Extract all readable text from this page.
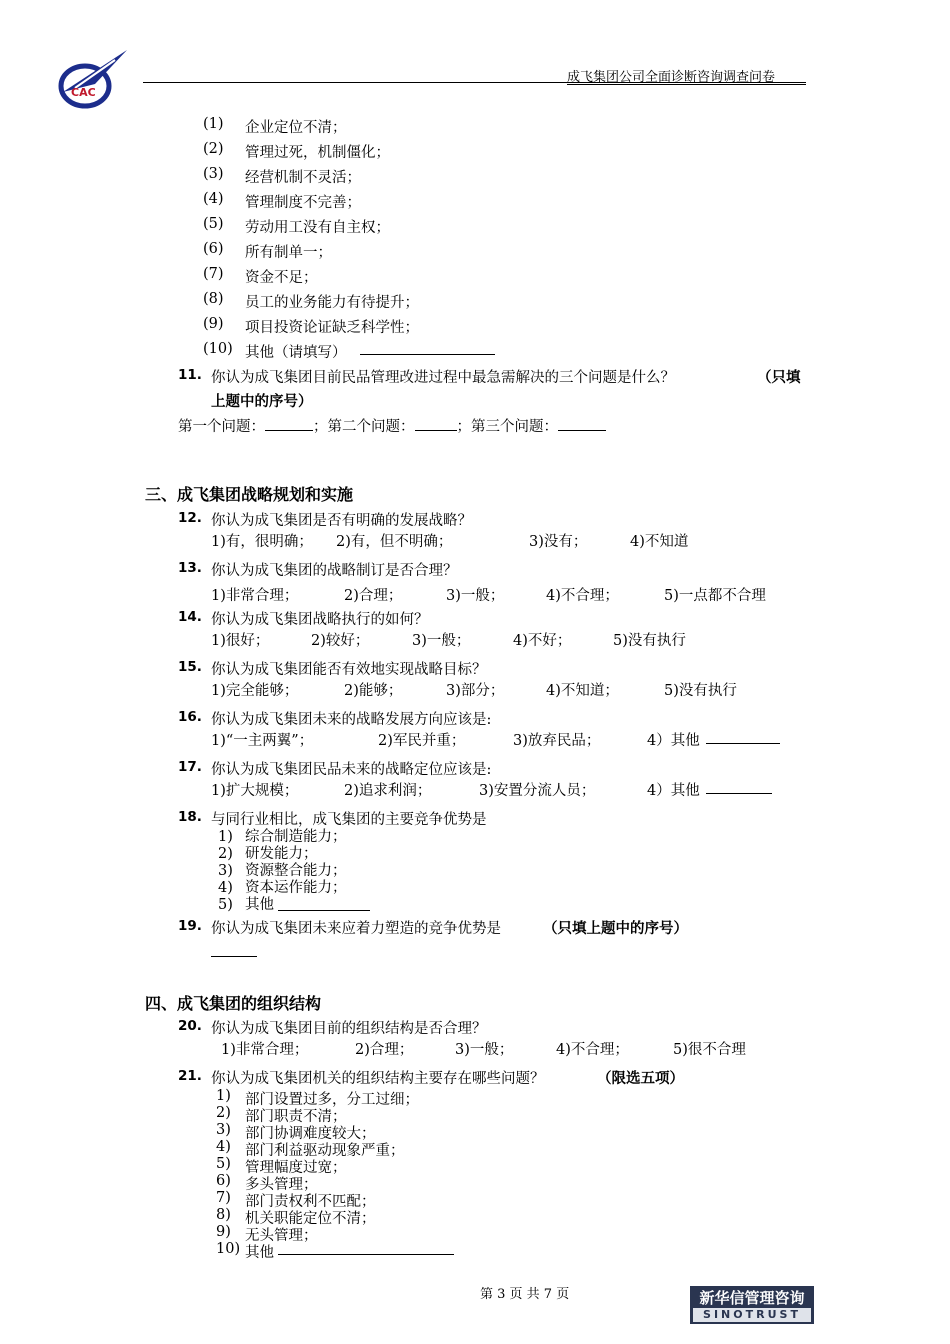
CAC
成飞集团公司全面诊断咨询调查问卷
(1) 企业定位不清；
(2) 管理过死，机制僵化；
(3) 经营机制不灵活；
(4) 管理制度不完善；
(5) 劳动用工没有自主权；
(6) 所有制单一；
(7) 资金不足；
(8) 员工的业务能力有待提升；
(9) 项目投资论证缺乏科学性；
(10) 其他（请填写）
11. 你认为成飞集团目前民品管理改进过程中最急需解决的三个问题是什么？	（只填
上题中的序号）
第一个问题：	；第二个问题：	；第三个问题：
三、成飞集团战略规划和实施
12. 你认为成飞集团是否有明确的发展战略？
1)有，很明确； 2)有，但不明确；	3)没有；	4)不知道
13. 你认为成飞集团的战略制订是否合理？
1)非常合理；	2)合理；	3)一般；	4)不合理；	5)一点都不合理
14. 你认为成飞集团战略执行的如何？
1)很好；	2)较好；	3)一般；	4)不好；	5)没有执行
15. 你认为成飞集团能否有效地实现战略目标？
1)完全能够；	2)能够；	3)部分；	4)不知道；	5)没有执行
16. 你认为成飞集团未来的战略发展方向应该是:
1)“一主两翼”；	2)军民并重；	3)放弃民品；	4）其他
17. 你认为成飞集团民品未来的战略定位应该是:
1)扩大规模；	2)追求利润；	3)安置分流人员；	4）其他
18. 与同行业相比，成飞集团的主要竞争优势是
1) 综合制造能力；
2) 研发能力；
3) 资源整合能力；
4) 资本运作能力；
5) 其他
19. 你认为成飞集团未来应着力塑造的竞争优势是	（只填上题中的序号）
四、成飞集团的组织结构
20. 你认为成飞集团目前的组织结构是否合理？
1)非常合理；	2)合理；	3)一般；	4)不合理；	5)很不合理
21. 你认为成飞集团机关的组织结构主要存在哪些问题？	（限选五项）
1) 部门设置过多，分工过细；
2) 部门职责不清；
3) 部门协调难度较大；
4) 部门利益驱动现象严重；
5) 管理幅度过宽；
6) 多头管理；
7) 部门责权利不匹配；
8) 机关职能定位不清；
9) 无头管理；
10) 其他
第 3 页 共 7 页	新华信管理咨询
SINOTRUST
